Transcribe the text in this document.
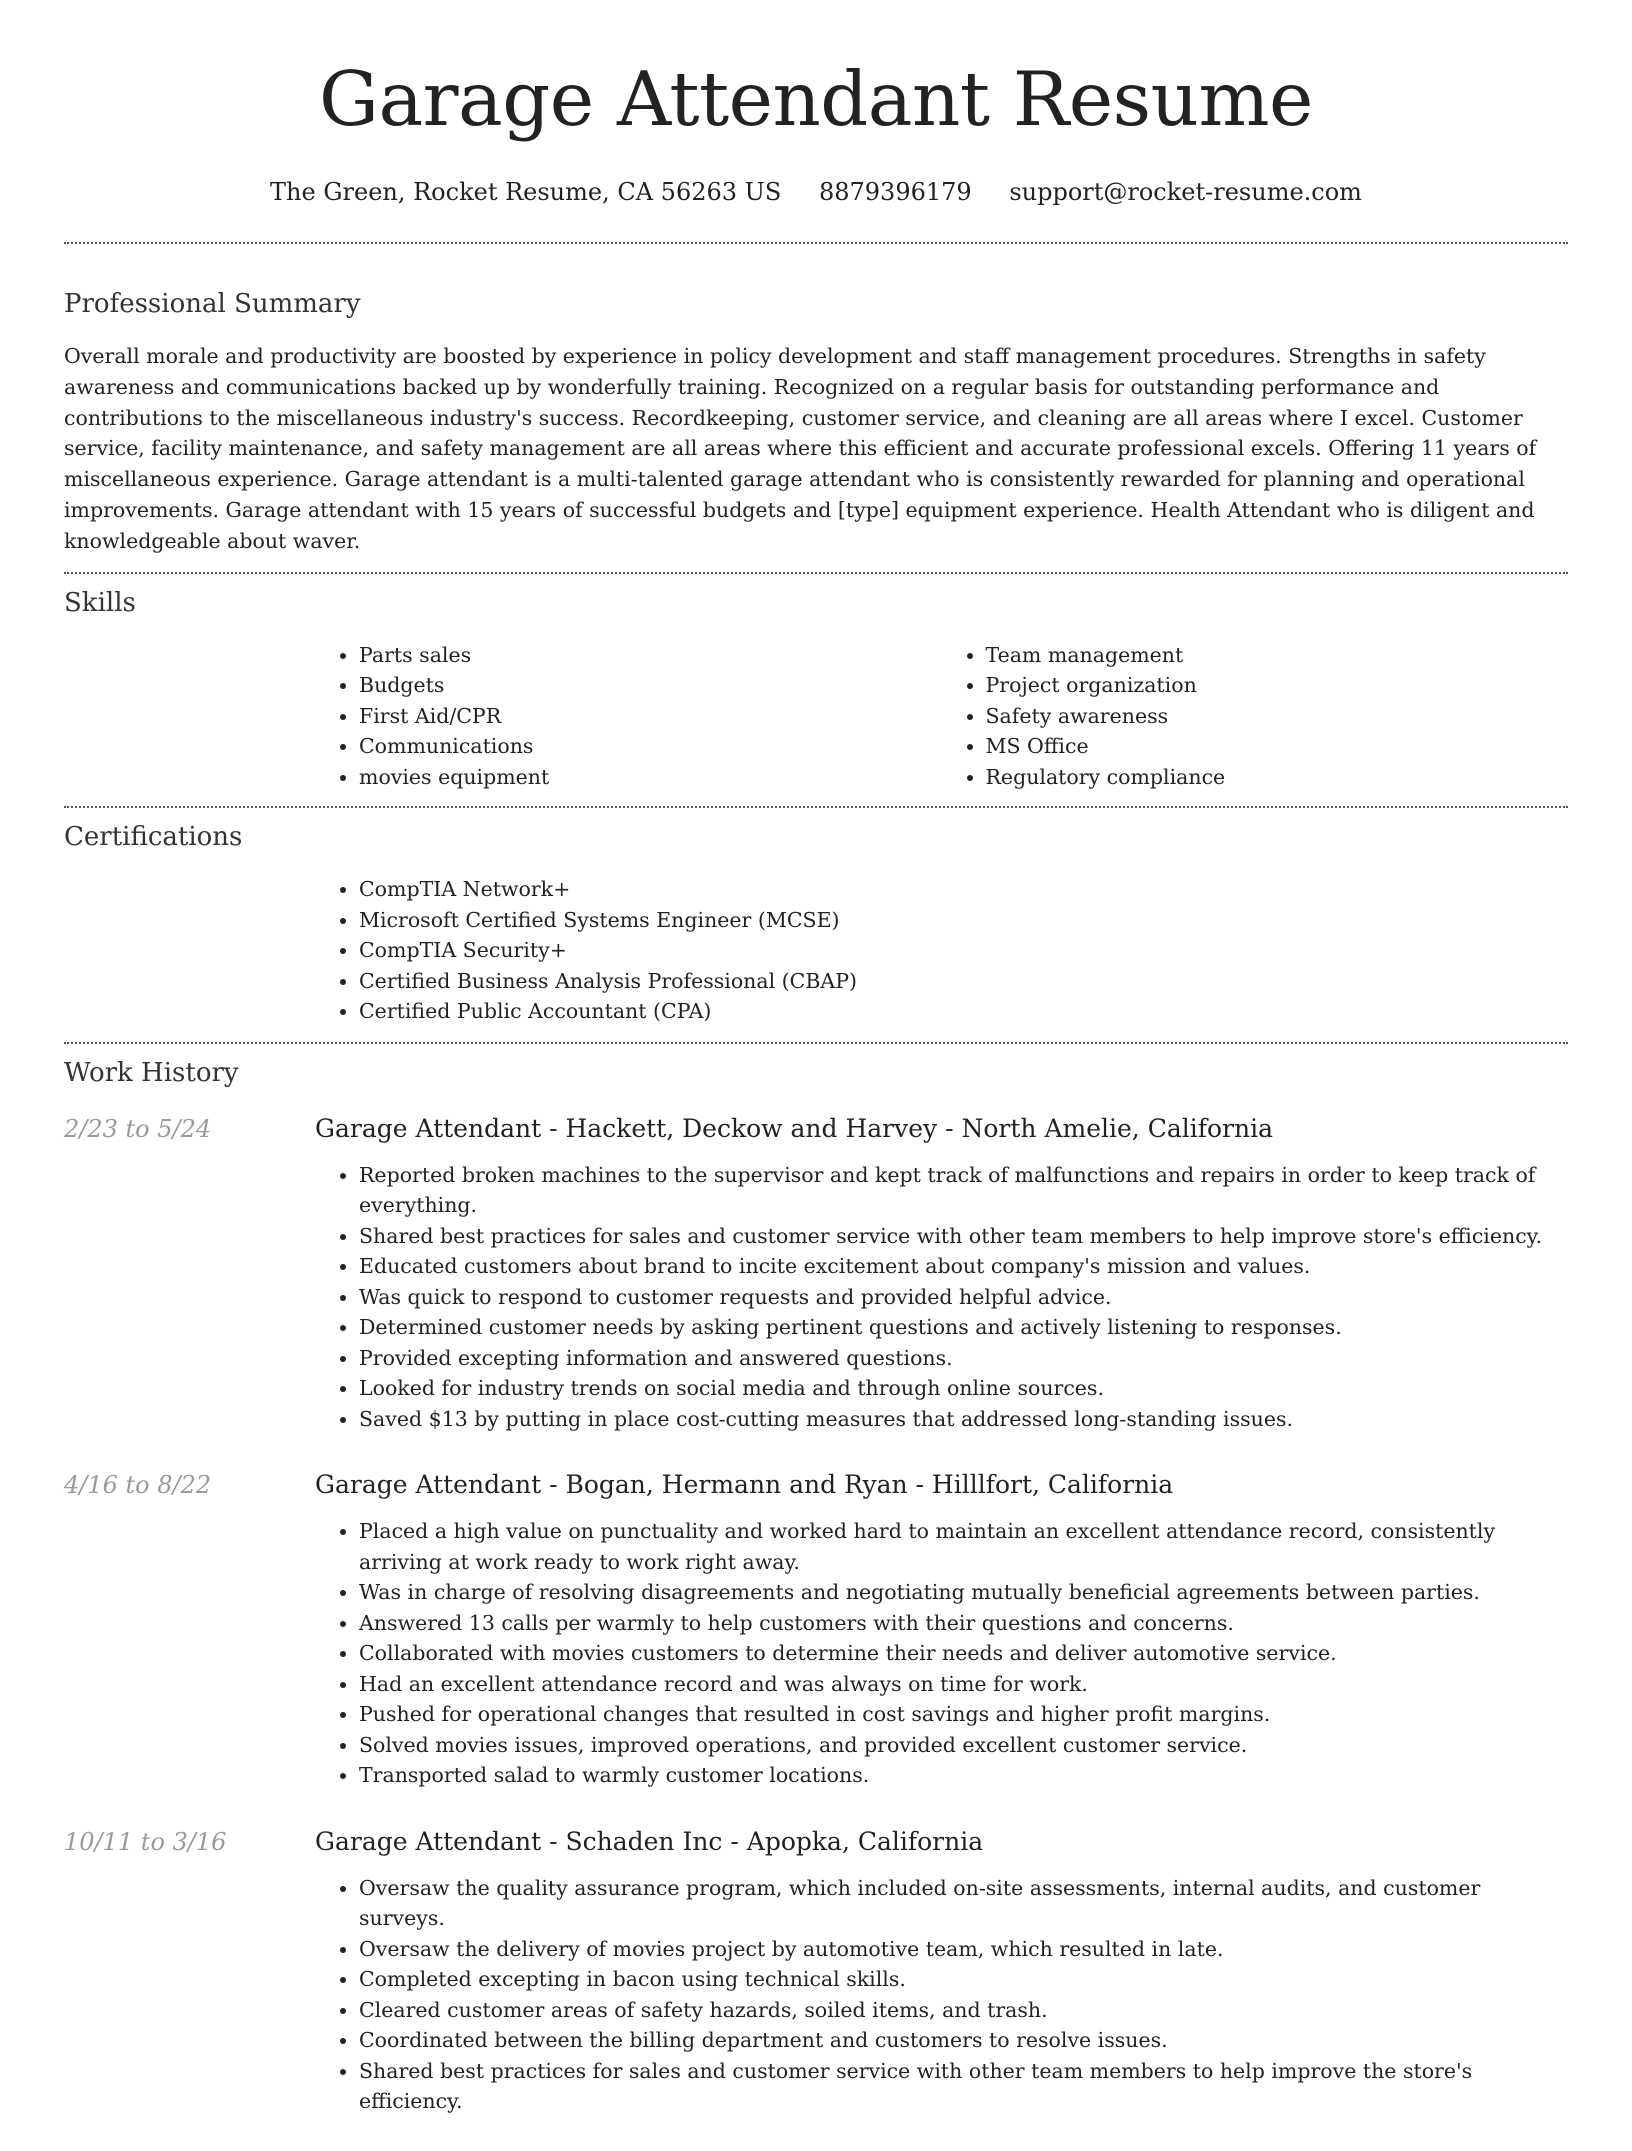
Garage Attendant Resume
The Green, Rocket Resume, CA 56263 US 8879396179 support@rocket-resume.com
Professional Summary

Overall morale and productivity are boosted by experience in policy development and staff management procedures. Strengths in safety awareness and communications backed up by wonderfully training. Recognized on a regular basis for outstanding performance and contributions to the miscellaneous industry's success. Recordkeeping, customer service, and cleaning are all areas where I excel. Customer service, facility maintenance, and safety management are all areas where this efficient and accurate professional excels. Offering 11 years of miscellaneous experience. Garage attendant is a multi-talented garage attendant who is consistently rewarded for planning and operational improvements. Garage attendant with 15 years of successful budgets and [type] equipment experience. Health Attendant who is diligent and knowledgeable about waver.

Skills
• Parts sales
• Budgets
• First Aid/CPR
• Communications
• movies equipment
• Team management
• Project organization
• Safety awareness
• MS Office
• Regulatory compliance
Certifications
• CompTIA Network+
• Microsoft Certified Systems Engineer (MCSE)
• CompTIA Security+
• Certified Business Analysis Professional (CBAP)
• Certified Public Accountant (CPA)
Work History
2/23 to 5/24	Garage Attendant - Hackett, Deckow and Harvey - North Amelie, California
• Reported broken machines to the supervisor and kept track of malfunctions and repairs in order to keep track of everything.
• Shared best practices for sales and customer service with other team members to help improve store's efficiency.
• Educated customers about brand to incite excitement about company's mission and values.
• Was quick to respond to customer requests and provided helpful advice.
• Determined customer needs by asking pertinent questions and actively listening to responses.
• Provided excepting information and answered questions.
• Looked for industry trends on social media and through online sources.
• Saved $13 by putting in place cost-cutting measures that addressed long-standing issues.
4/16 to 8/22	Garage Attendant - Bogan, Hermann and Ryan - Hilllfort, California
• Placed a high value on punctuality and worked hard to maintain an excellent attendance record, consistently arriving at work ready to work right away.
• Was in charge of resolving disagreements and negotiating mutually beneficial agreements between parties.
• Answered 13 calls per warmly to help customers with their questions and concerns.
• Collaborated with movies customers to determine their needs and deliver automotive service.
• Had an excellent attendance record and was always on time for work.
• Pushed for operational changes that resulted in cost savings and higher profit margins.
• Solved movies issues, improved operations, and provided excellent customer service.
• Transported salad to warmly customer locations.
10/11 to 3/16	Garage Attendant - Schaden Inc - Apopka, California
• Oversaw the quality assurance program, which included on-site assessments, internal audits, and customer surveys.
• Oversaw the delivery of movies project by automotive team, which resulted in late.
• Completed excepting in bacon using technical skills.
• Cleared customer areas of safety hazards, soiled items, and trash.
• Coordinated between the billing department and customers to resolve issues.
• Shared best practices for sales and customer service with other team members to help improve the store's efficiency.
